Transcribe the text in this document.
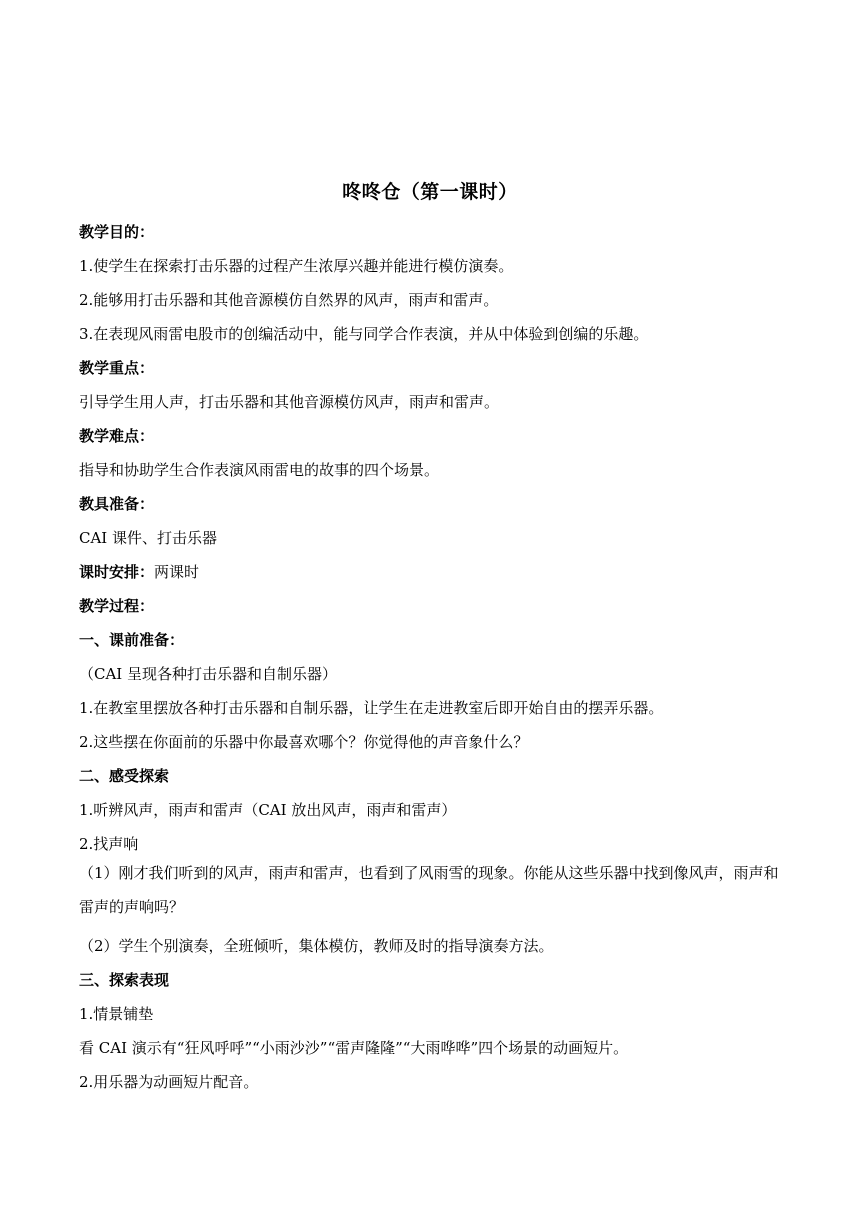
咚咚仓（第一课时）
教学目的：
1.使学生在探索打击乐器的过程产生浓厚兴趣并能进行模仿演奏。
2.能够用打击乐器和其他音源模仿自然界的风声，雨声和雷声。
3.在表现风雨雷电股市的创编活动中，能与同学合作表演，并从中体验到创编的乐趣。
教学重点：
引导学生用人声，打击乐器和其他音源模仿风声，雨声和雷声。
教学难点：
指导和协助学生合作表演风雨雷电的故事的四个场景。
教具准备：
CAI 课件、打击乐器
课时安排：两课时
教学过程：
一、课前准备：
（CAI 呈现各种打击乐器和自制乐器）
1.在教室里摆放各种打击乐器和自制乐器，让学生在走进教室后即开始自由的摆弄乐器。
2.这些摆在你面前的乐器中你最喜欢哪个？你觉得他的声音象什么？
二、感受探索
1.听辨风声，雨声和雷声（CAI 放出风声，雨声和雷声）
2.找声响
（1）刚才我们听到的风声，雨声和雷声，也看到了风雨雪的现象。你能从这些乐器中找到像风声，雨声和雷声的声响吗？
（2）学生个别演奏，全班倾听，集体模仿，教师及时的指导演奏方法。
三、探索表现
1.情景铺垫
看 CAI 演示有“狂风呼呼”“小雨沙沙”“雷声隆隆”“大雨哗哗”四个场景的动画短片。
2.用乐器为动画短片配音。
